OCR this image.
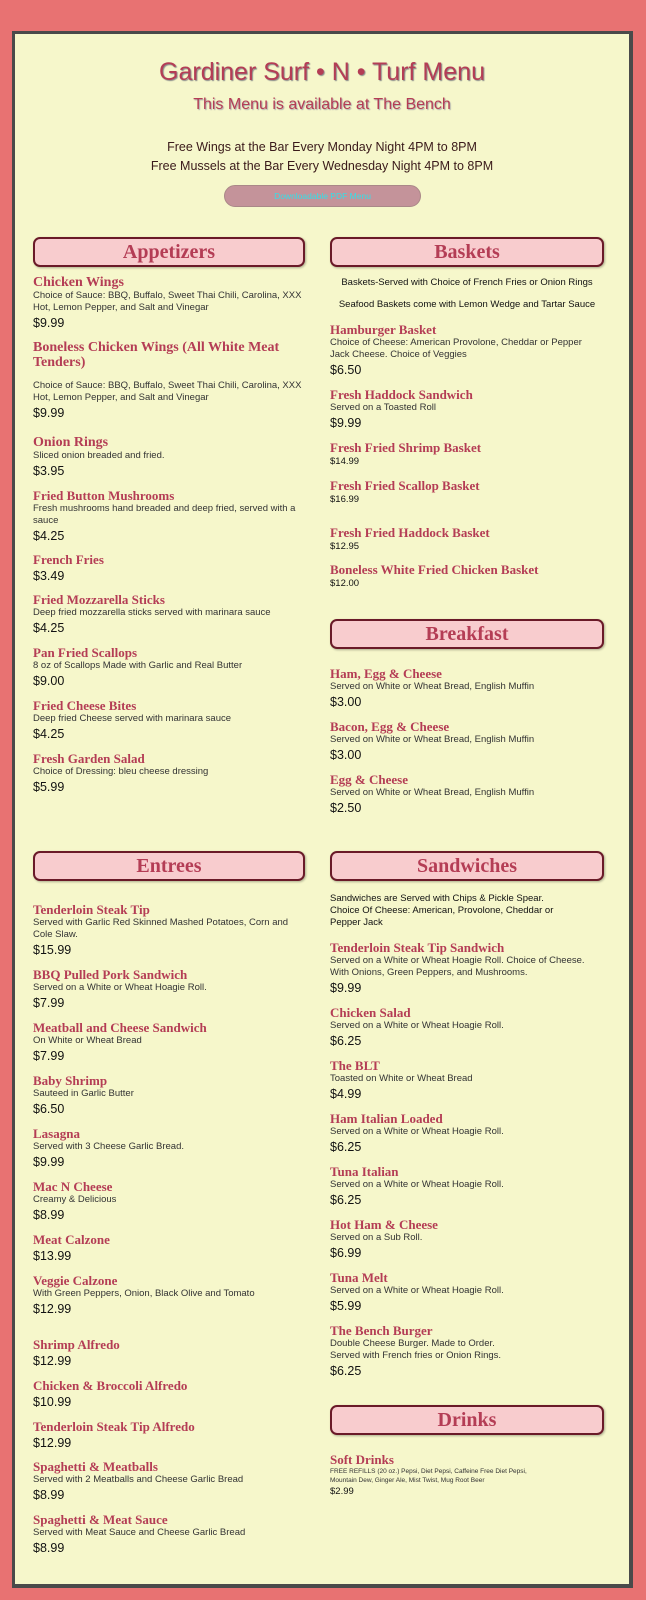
Gardiner Surf • N • Turf Menu
This Menu is available at The Bench
Free Wings at the Bar Every Monday Night 4PM to 8PM
Free Mussels at the Bar Every Wednesday Night 4PM to 8PM
Downloadable PDF Menu
Appetizers
Chicken Wings
Choice of Sauce: BBQ, Buffalo, Sweet Thai Chili, Carolina, XXX Hot, Lemon Pepper, and Salt and Vinegar
$9.99
Boneless Chicken Wings (All White Meat Tenders)
Choice of Sauce: BBQ, Buffalo, Sweet Thai Chili, Carolina, XXX Hot, Lemon Pepper, and Salt and Vinegar
$9.99
Onion Rings
Sliced onion breaded and fried.
$3.95
Fried Button Mushrooms
Fresh mushrooms hand breaded and deep fried, served with a sauce
$4.25
French Fries
$3.49
Fried Mozzarella Sticks
Deep fried mozzarella sticks served with marinara sauce
$4.25
Pan Fried Scallops
8 oz of Scallops Made with Garlic and Real Butter
$9.00
Fried Cheese Bites
Deep fried Cheese served with marinara sauce
$4.25
Fresh Garden Salad
Choice of Dressing: bleu cheese dressing
$5.99
Baskets
Baskets-Served with Choice of French Fries or Onion Rings
Seafood Baskets come with Lemon Wedge and Tartar Sauce
Hamburger Basket
Choice of Cheese: American Provolone, Cheddar or Pepper Jack Cheese. Choice of Veggies
$6.50
Fresh Haddock Sandwich
Served on a Toasted Roll
$9.99
Fresh Fried Shrimp Basket
$14.99
Fresh Fried Scallop Basket
$16.99
Fresh Fried Haddock Basket
$12.95
Boneless White Fried Chicken Basket
$12.00
Breakfast
Ham, Egg & Cheese
Served on White or Wheat Bread, English Muffin
$3.00
Bacon, Egg & Cheese
Served on White or Wheat Bread, English Muffin
$3.00
Egg & Cheese
Served on White or Wheat Bread, English Muffin
$2.50
Entrees
Tenderloin Steak Tip
Served with Garlic Red Skinned Mashed Potatoes, Corn and Cole Slaw.
$15.99
BBQ Pulled Pork Sandwich
Served on a White or Wheat Hoagie Roll.
$7.99
Meatball and Cheese Sandwich
On White or Wheat Bread
$7.99
Baby Shrimp
Sauteed in Garlic Butter
$6.50
Lasagna
Served with 3 Cheese Garlic Bread.
$9.99
Mac N Cheese
Creamy & Delicious
$8.99
Meat Calzone
$13.99
Veggie Calzone
With Green Peppers, Onion, Black Olive and Tomato
$12.99
Shrimp Alfredo
$12.99
Chicken & Broccoli Alfredo
$10.99
Tenderloin Steak Tip Alfredo
$12.99
Spaghetti & Meatballs
Served with 2 Meatballs and Cheese Garlic Bread
$8.99
Spaghetti & Meat Sauce
Served with Meat Sauce and Cheese Garlic Bread
$8.99
Sandwiches
Sandwiches are Served with Chips & Pickle Spear. Choice Of Cheese: American, Provolone, Cheddar or Pepper Jack
Tenderloin Steak Tip Sandwich
Served on a White or Wheat Hoagie Roll. Choice of Cheese. With Onions, Green Peppers, and Mushrooms.
$9.99
Chicken Salad
Served on a White or Wheat Hoagie Roll.
$6.25
The BLT
Toasted on White or Wheat Bread
$4.99
Ham Italian Loaded
Served on a White or Wheat Hoagie Roll.
$6.25
Tuna Italian
Served on a White or Wheat Hoagie Roll.
$6.25
Hot Ham & Cheese
Served on a Sub Roll.
$6.99
Tuna Melt
Served on a White or Wheat Hoagie Roll.
$5.99
The Bench Burger
Double Cheese Burger. Made to Order. Served with French fries or Onion Rings.
$6.25
Drinks
Soft Drinks
FREE REFILLS (20 oz.) Pepsi, Diet Pepsi, Caffeine Free Diet Pepsi, Mountain Dew, Ginger Ale, Mist Twist, Mug Root Beer
$2.99
